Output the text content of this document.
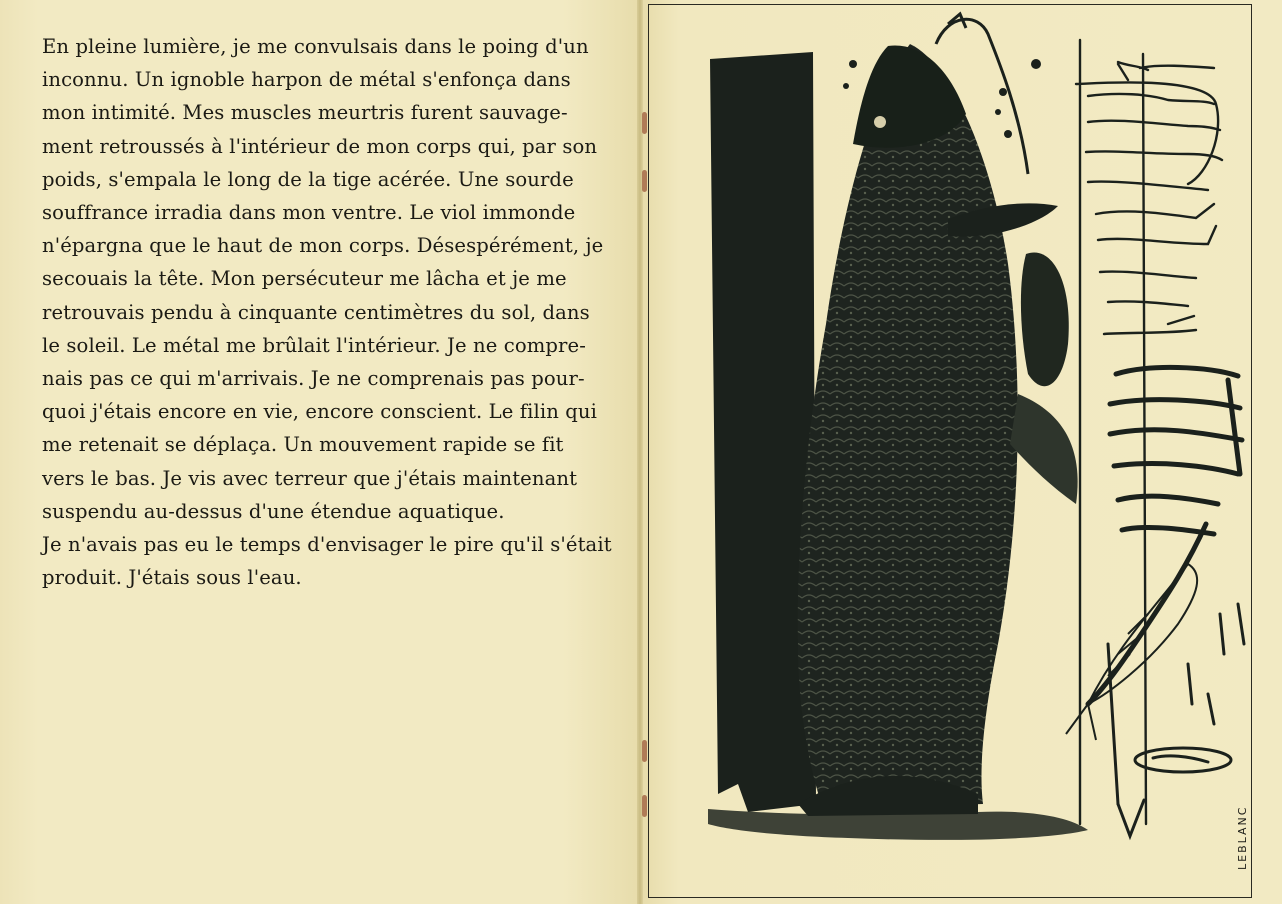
En pleine lumière, je me convulsais dans le poing d'un
inconnu. Un ignoble harpon de métal s'enfonça dans
mon intimité. Mes muscles meurtris furent sauvage-
ment retroussés à l'intérieur de mon corps qui, par son
poids, s'empala le long de la tige acérée. Une sourde
souffrance irradia dans mon ventre. Le viol immonde
n'épargna que le haut de mon corps. Désespérément, je
secouais la tête. Mon persécuteur me lâcha et je me
retrouvais pendu à cinquante centimètres du sol, dans
le soleil. Le métal me brûlait l'intérieur. Je ne compre-
nais pas ce qui m'arrivais. Je ne comprenais pas pour-
quoi j'étais encore en vie, encore conscient. Le filin qui
me retenait se déplaça. Un mouvement rapide se fit
vers le bas. Je vis avec terreur que j'étais maintenant
suspendu au-dessus d'une étendue aquatique.
Je n'avais pas eu le temps d'envisager le pire qu'il s'était
produit. J'étais sous l'eau.
LEBLANC
